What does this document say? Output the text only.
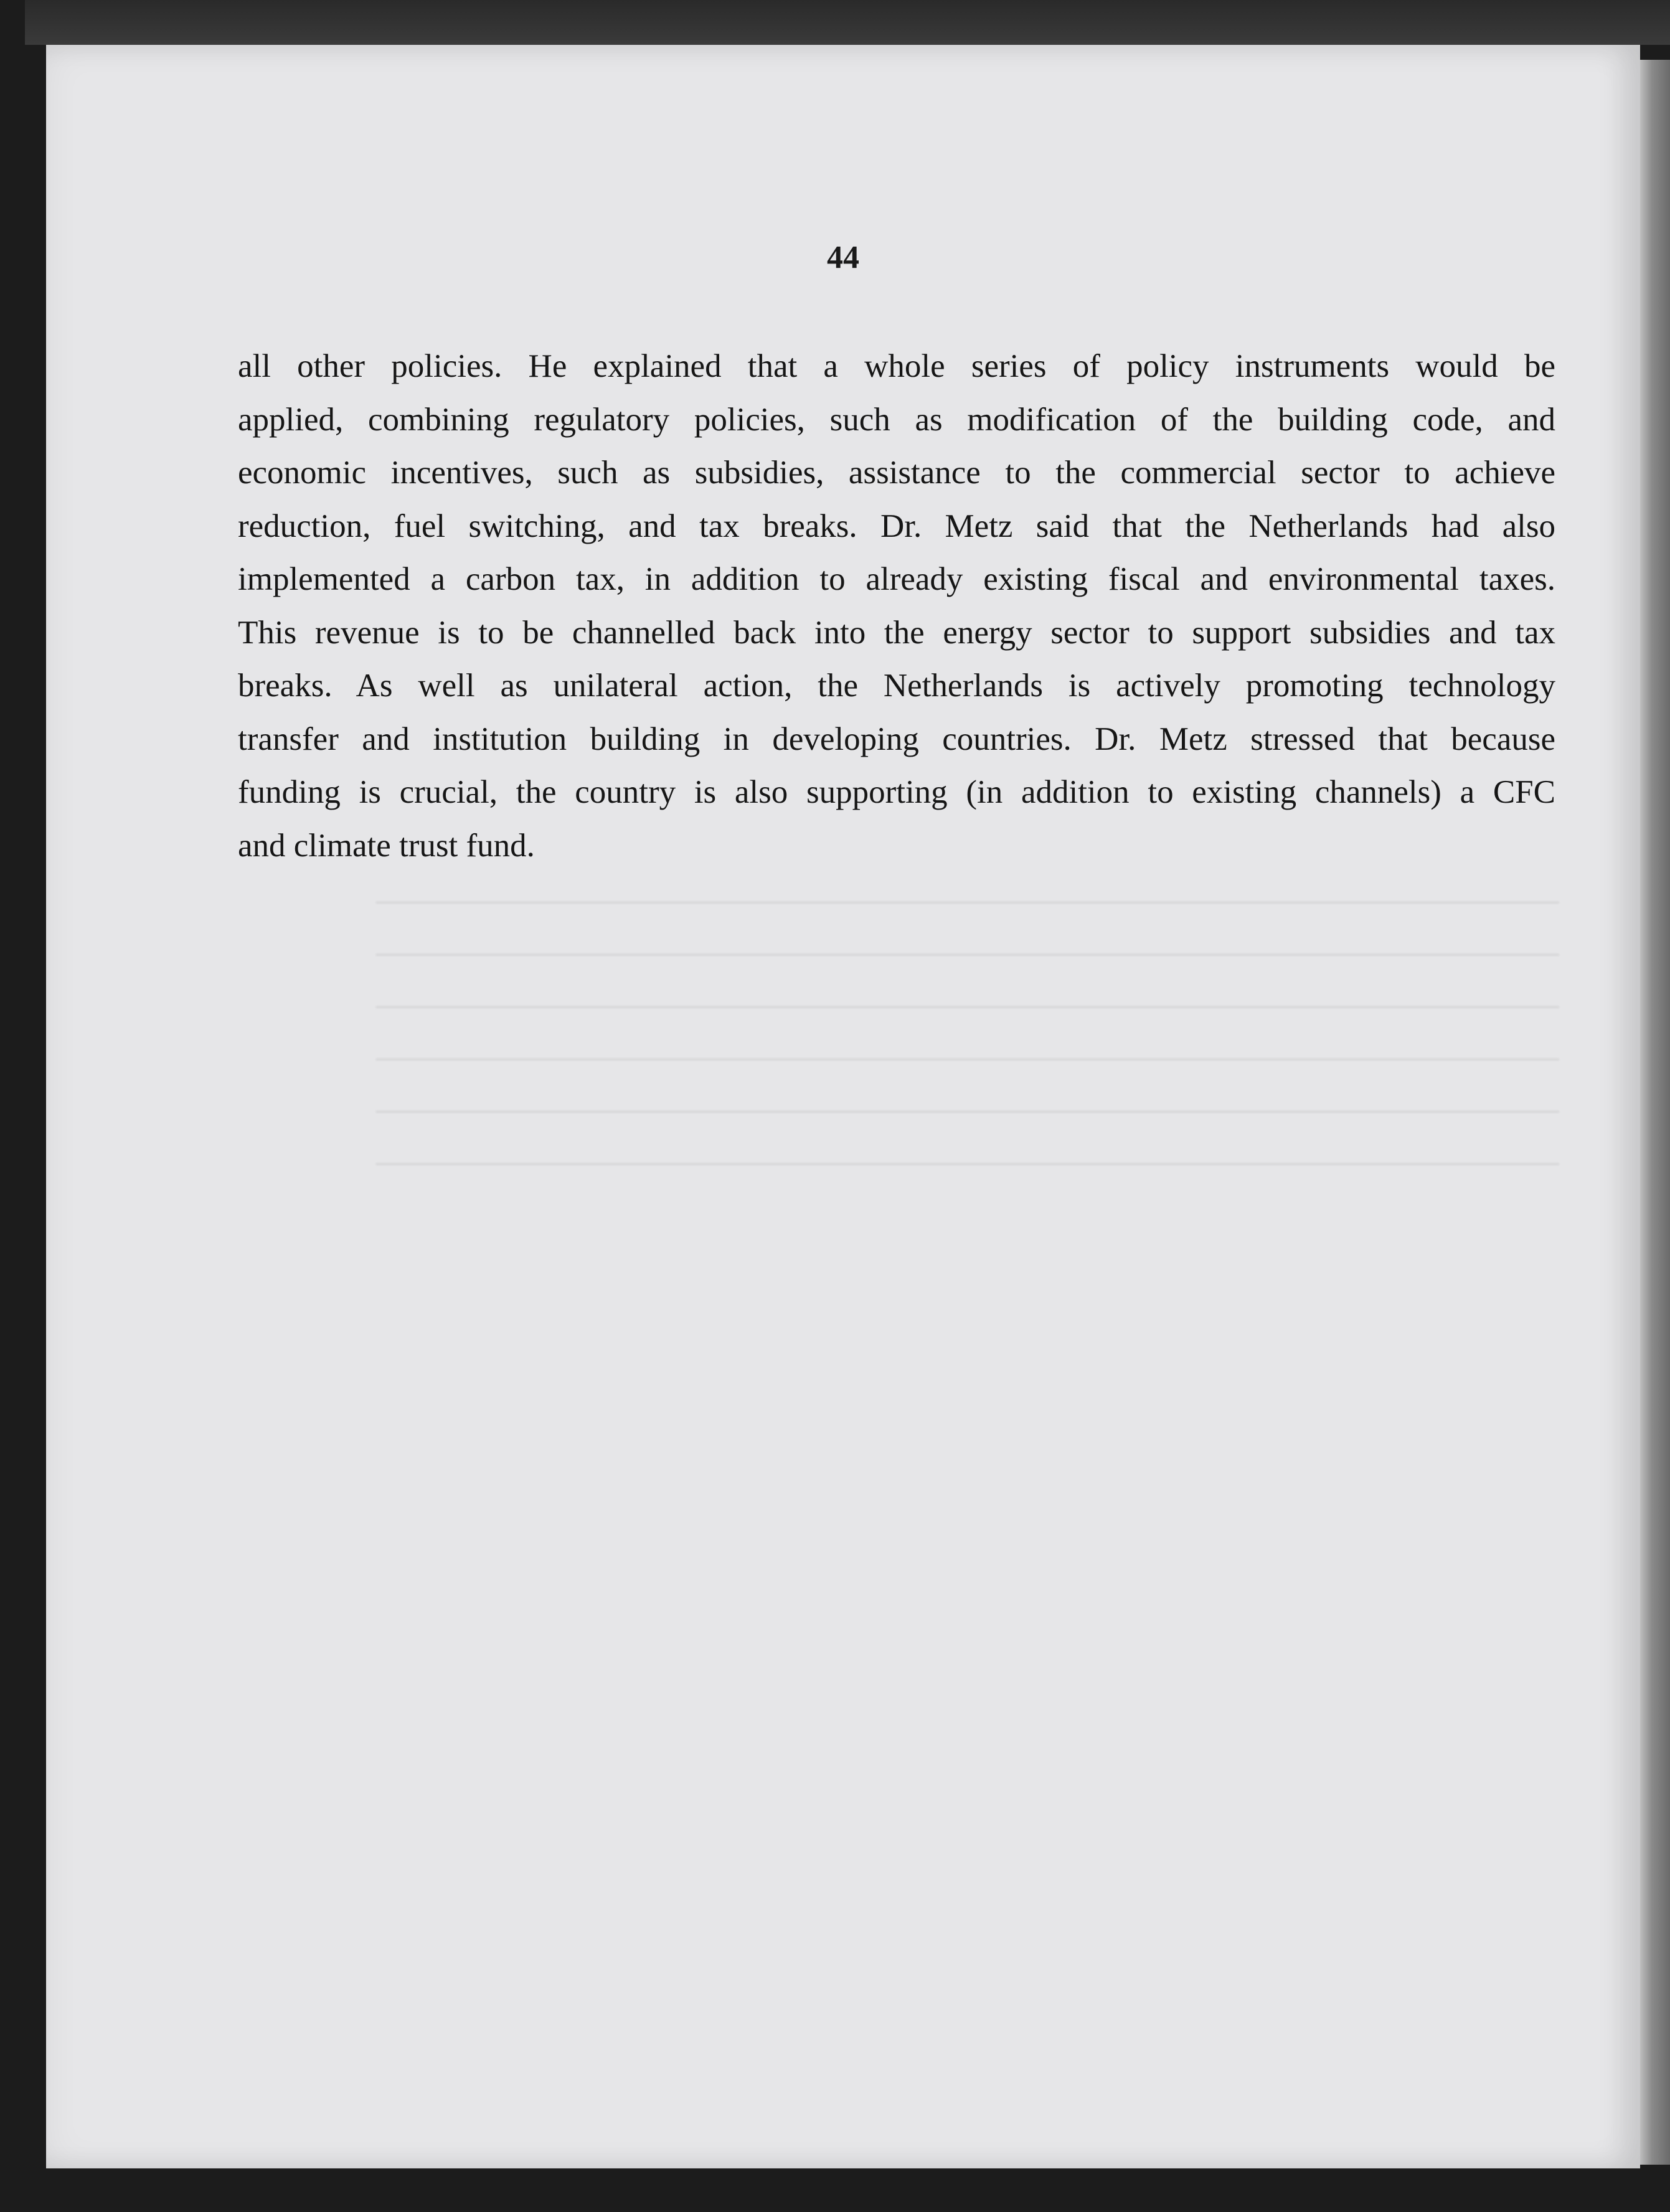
44
all other policies. He explained that a whole series of policy instruments would be
applied, combining regulatory policies, such as modification of the building code, and
economic incentives, such as subsidies, assistance to the commercial sector to achieve
reduction, fuel switching, and tax breaks. Dr. Metz said that the Netherlands had also
implemented a carbon tax, in addition to already existing fiscal and environmental taxes.
This revenue is to be channelled back into the energy sector to support subsidies and tax
breaks. As well as unilateral action, the Netherlands is actively promoting technology
transfer and institution building in developing countries. Dr. Metz stressed that because
funding is crucial, the country is also supporting (in addition to existing channels) a CFC
and climate trust fund.
——————————————————————————————————————
——————————————————————————————————————
——————————————————————————————————————
——————————————————————————————————————
——————————————————————————————————————
——————————————————————————————————————
